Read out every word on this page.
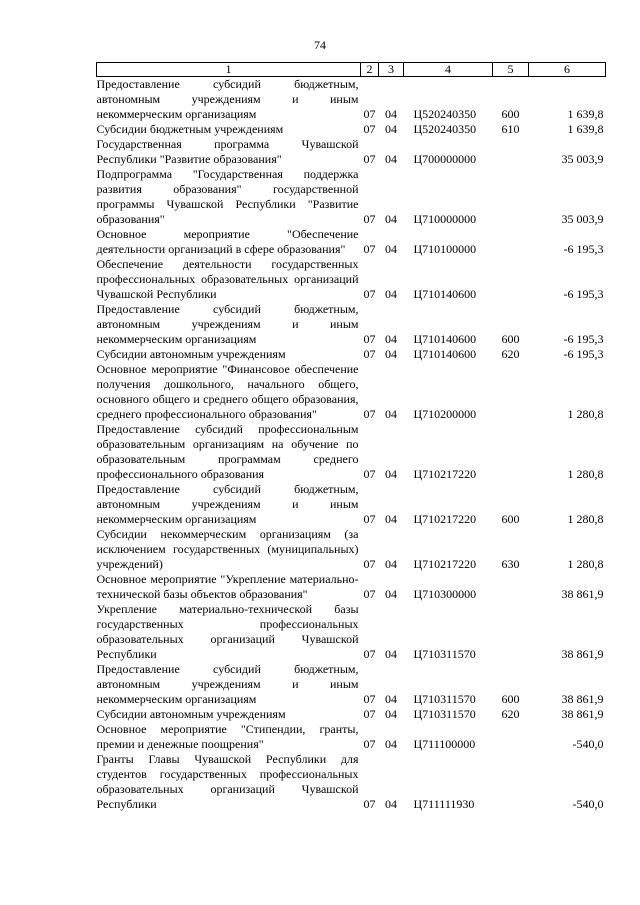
74
1	2	3	4	5	6
Предоставление субсидий бюджетным, автономным учреждениям и иным некоммерческим организациям	07	04	Ц520240350	600	1 639,8
Субсидии бюджетным учреждениям	07	04	Ц520240350	610	1 639,8
Государственная программа Чувашской Республики "Развитие образования"	07	04	Ц700000000		35 003,9
Подпрограмма "Государственная поддержка развития образования" государственной программы Чувашской Республики "Развитие образования"	07	04	Ц710000000		35 003,9
Основное мероприятие "Обеспечение деятельности организаций в сфере образования"	07	04	Ц710100000		-6 195,3
Обеспечение деятельности государственных профессиональных образовательных организаций Чувашской Республики	07	04	Ц710140600		-6 195,3
Предоставление субсидий бюджетным, автономным учреждениям и иным некоммерческим организациям	07	04	Ц710140600	600	-6 195,3
Субсидии автономным учреждениям	07	04	Ц710140600	620	-6 195,3
Основное мероприятие "Финансовое обеспечение получения дошкольного, начального общего, основного общего и среднего общего образования, среднего профессионального образования"	07	04	Ц710200000		1 280,8
Предоставление субсидий профессиональным образовательным организациям на обучение по образовательным программам среднего профессионального образования	07	04	Ц710217220		1 280,8
Предоставление субсидий бюджетным, автономным учреждениям и иным некоммерческим организациям	07	04	Ц710217220	600	1 280,8
Субсидии некоммерческим организациям (за исключением государственных (муниципальных) учреждений)	07	04	Ц710217220	630	1 280,8
Основное мероприятие "Укрепление материально-технической базы объектов образования"	07	04	Ц710300000		38 861,9
Укрепление материально-технической базы государственных профессиональных образовательных организаций Чувашской Республики	07	04	Ц710311570		38 861,9
Предоставление субсидий бюджетным, автономным учреждениям и иным некоммерческим организациям	07	04	Ц710311570	600	38 861,9
Субсидии автономным учреждениям	07	04	Ц710311570	620	38 861,9
Основное мероприятие "Стипендии, гранты, премии и денежные поощрения"	07	04	Ц711100000		-540,0
Гранты Главы Чувашской Республики для студентов государственных профессиональных образовательных организаций Чувашской Республики	07	04	Ц711111930		-540,0
